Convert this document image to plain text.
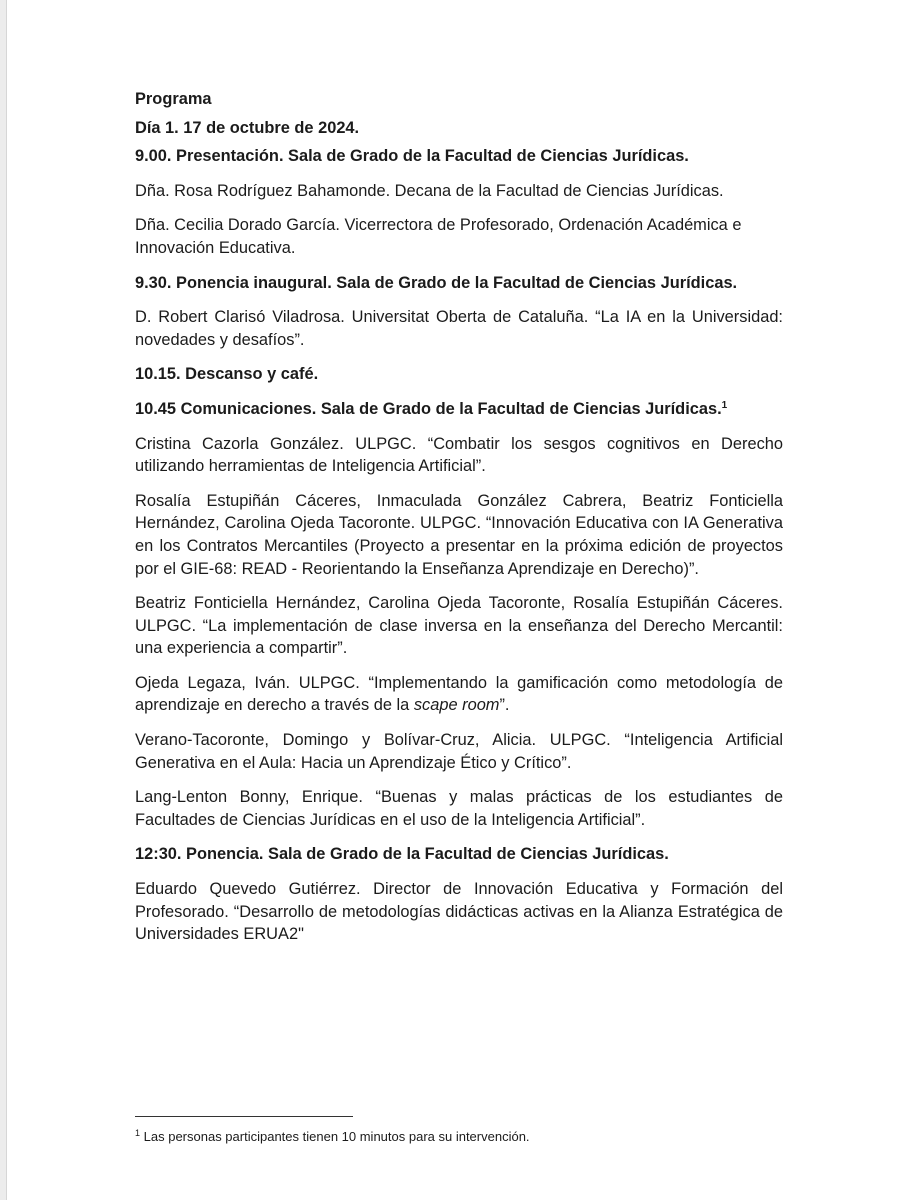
Programa

Día 1. 17 de octubre de 2024.

9.00. Presentación. Sala de Grado de la Facultad de Ciencias Jurídicas.

Dña. Rosa Rodríguez Bahamonde. Decana de la Facultad de Ciencias Jurídicas.

Dña. Cecilia Dorado García. Vicerrectora de Profesorado, Ordenación Académica e Innovación Educativa.

9.30. Ponencia inaugural. Sala de Grado de la Facultad de Ciencias Jurídicas.

D. Robert Clarisó Viladrosa. Universitat Oberta de Cataluña. “La IA en la Universidad: novedades y desafíos”.

10.15. Descanso y café.

10.45 Comunicaciones. Sala de Grado de la Facultad de Ciencias Jurídicas.$^1$

Cristina Cazorla González. ULPGC. “Combatir los sesgos cognitivos en Derecho utilizando herramientas de Inteligencia Artificial”.

Rosalía Estupiñán Cáceres, Inmaculada González Cabrera, Beatriz Fonticiella Hernández, Carolina Ojeda Tacoronte. ULPGC. “Innovación Educativa con IA Generativa en los Contratos Mercantiles (Proyecto a presentar en la próxima edición de proyectos por el GIE-68: READ - Reorientando la Enseñanza Aprendizaje en Derecho)”.

Beatriz Fonticiella Hernández, Carolina Ojeda Tacoronte, Rosalía Estupiñán Cáceres. ULPGC. “La implementación de clase inversa en la enseñanza del Derecho Mercantil: una experiencia a compartir”.

Ojeda Legaza, Iván. ULPGC. “Implementando la gamificación como metodología de aprendizaje en derecho a través de la scape room”.

Verano-Tacoronte, Domingo y Bolívar-Cruz, Alicia. ULPGC. “Inteligencia Artificial Generativa en el Aula: Hacia un Aprendizaje Ético y Crítico”.

Lang-Lenton Bonny, Enrique. “Buenas y malas prácticas de los estudiantes de Facultades de Ciencias Jurídicas en el uso de la Inteligencia Artificial”.

12:30. Ponencia. Sala de Grado de la Facultad de Ciencias Jurídicas.

Eduardo Quevedo Gutiérrez. Director de Innovación Educativa y Formación del Profesorado. “Desarrollo de metodologías didácticas activas en la Alianza Estratégica de Universidades ERUA2"

$^1$ Las personas participantes tienen 10 minutos para su intervención.
